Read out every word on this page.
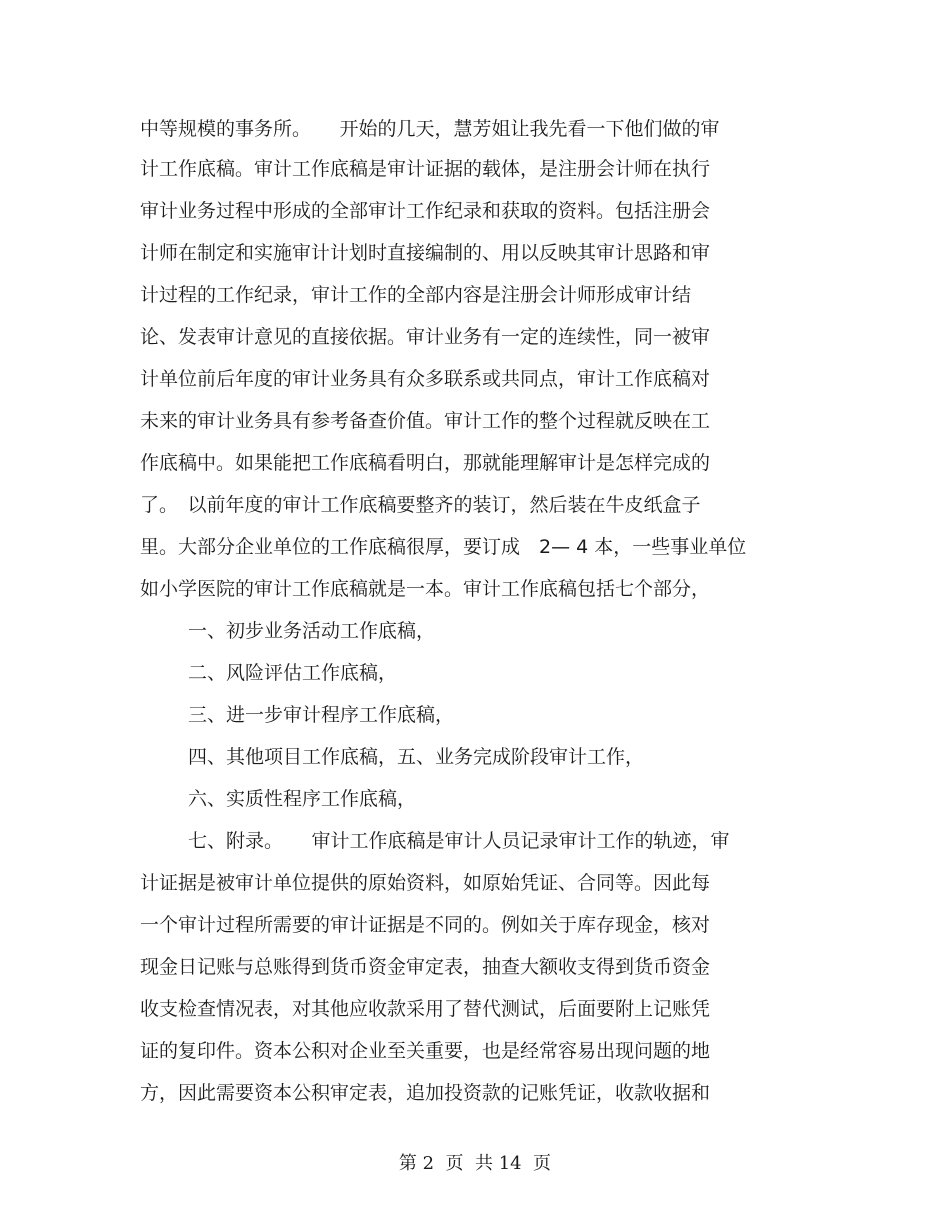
中等规模的事务所。　　开始的几天，慧芳姐让我先看一下他们做的审
计工作底稿。审计工作底稿是审计证据的载体，是注册会计师在执行
审计业务过程中形成的全部审计工作纪录和获取的资料。包括注册会
计师在制定和实施审计计划时直接编制的、用以反映其审计思路和审
计过程的工作纪录，审计工作的全部内容是注册会计师形成审计结
论、发表审计意见的直接依据。审计业务有一定的连续性，同一被审
计单位前后年度的审计业务具有众多联系或共同点，审计工作底稿对
未来的审计业务具有参考备查价值。审计工作的整个过程就反映在工
作底稿中。如果能把工作底稿看明白，那就能理解审计是怎样完成的
了。　以前年度的审计工作底稿要整齐的装订，然后装在牛皮纸盒子
里。大部分企业单位的工作底稿很厚，要订成　2— 4 本，一些事业单位
如小学医院的审计工作底稿就是一本。审计工作底稿包括七个部分，
一、初步业务活动工作底稿，
二、风险评估工作底稿，
三、进一步审计程序工作底稿，
四、其他项目工作底稿，五、业务完成阶段审计工作，
六、实质性程序工作底稿，
七、附录。　　审计工作底稿是审计人员记录审计工作的轨迹，审
计证据是被审计单位提供的原始资料，如原始凭证、合同等。因此每
一个审计过程所需要的审计证据是不同的。例如关于库存现金，核对
现金日记账与总账得到货币资金审定表，抽查大额收支得到货币资金
收支检查情况表，对其他应收款采用了替代测试，后面要附上记账凭
证的复印件。资本公积对企业至关重要，也是经常容易出现问题的地
方，因此需要资本公积审定表，追加投资款的记账凭证，收款收据和
第 2  页  共 14  页
